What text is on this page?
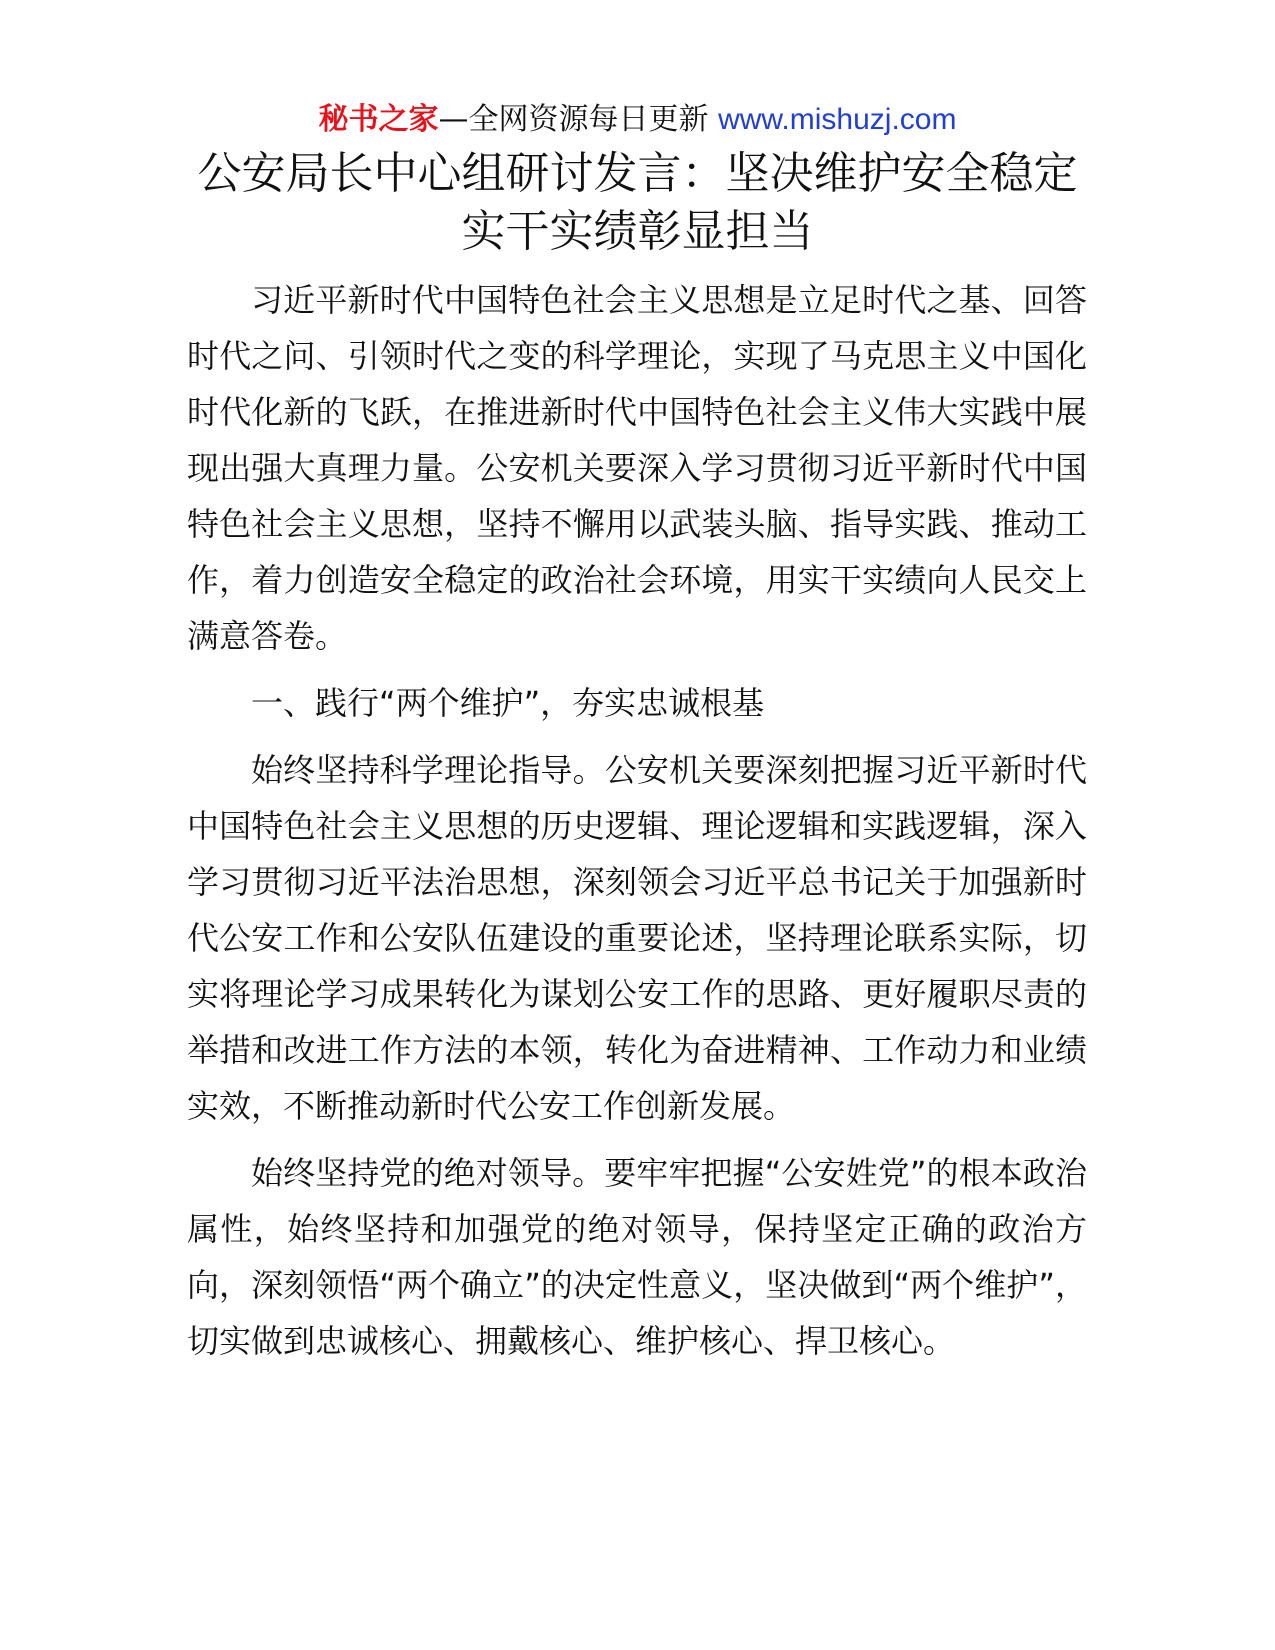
秘书之家—全网资源每日更新 www.mishuzj.com
公安局长中心组研讨发言：坚决维护安全稳定
实干实绩彰显担当

习近平新时代中国特色社会主义思想是立足时代之基、回答时代之问、引领时代之变的科学理论，实现了马克思主义中国化时代化新的飞跃，在推进新时代中国特色社会主义伟大实践中展现出强大真理力量。公安机关要深入学习贯彻习近平新时代中国特色社会主义思想，坚持不懈用以武装头脑、指导实践、推动工作，着力创造安全稳定的政治社会环境，用实干实绩向人民交上满意答卷。

一、践行“两个维护”，夯实忠诚根基

始终坚持科学理论指导。公安机关要深刻把握习近平新时代中国特色社会主义思想的历史逻辑、理论逻辑和实践逻辑，深入学习贯彻习近平法治思想，深刻领会习近平总书记关于加强新时代公安工作和公安队伍建设的重要论述，坚持理论联系实际，切实将理论学习成果转化为谋划公安工作的思路、更好履职尽责的举措和改进工作方法的本领，转化为奋进精神、工作动力和业绩实效，不断推动新时代公安工作创新发展。

始终坚持党的绝对领导。要牢牢把握“公安姓党”的根本政治属性，始终坚持和加强党的绝对领导，保持坚定正确的政治方向，深刻领悟“两个确立”的决定性意义，坚决做到“两个维护”，切实做到忠诚核心、拥戴核心、维护核心、捍卫核心。
